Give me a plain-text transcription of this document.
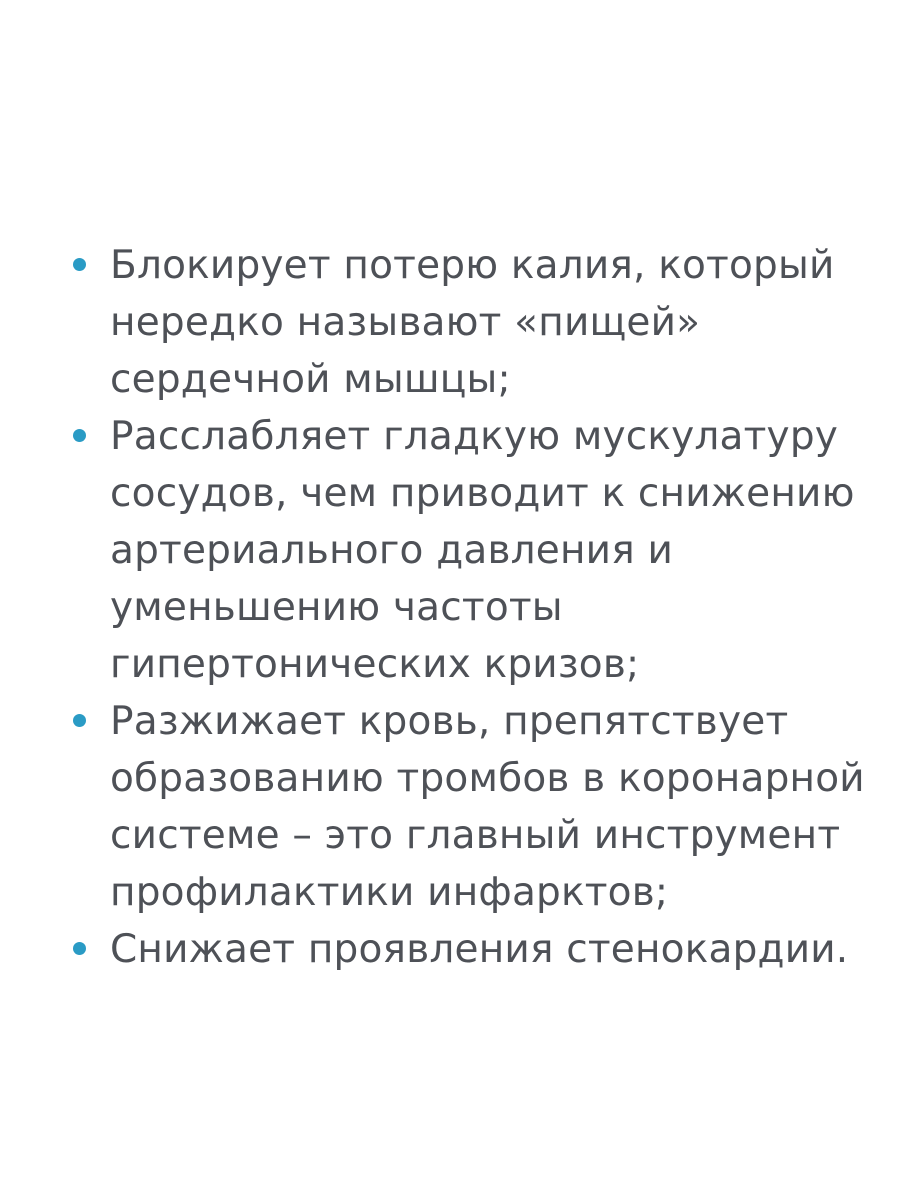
Блокирует потерю калия, который
нередко называют «пищей»
сердечной мышцы;
Расслабляет гладкую мускулатуру
сосудов, чем приводит к снижению
артериального давления и
уменьшению частоты
гипертонических кризов;
Разжижает кровь, препятствует
образованию тромбов в коронарной
системе – это главный инструмент
профилактики инфарктов;
Снижает проявления стенокардии.
